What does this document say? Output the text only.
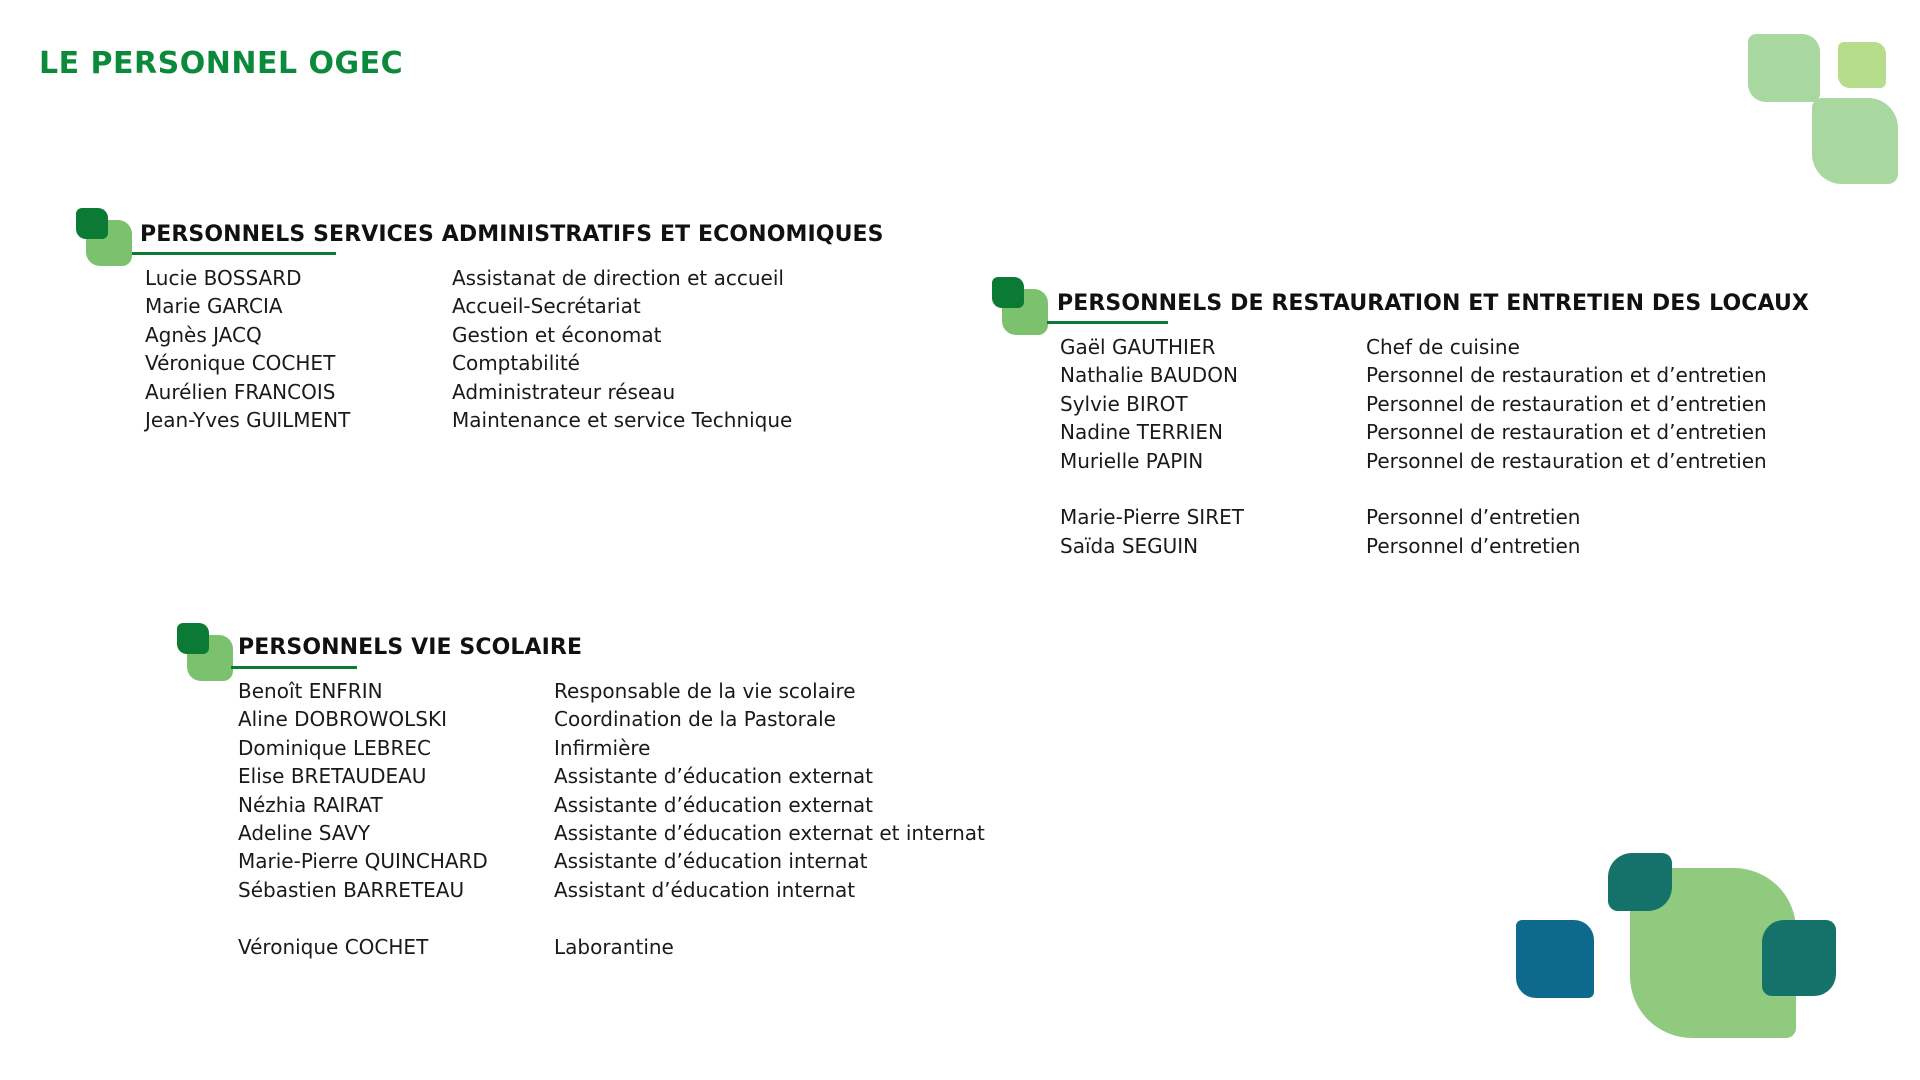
LE PERSONNEL OGEC
PERSONNELS SERVICES ADMINISTRATIFS ET ECONOMIQUES
Lucie BOSSARD	Assistanat de direction et accueil
Marie GARCIA	Accueil-Secrétariat
Agnès JACQ	Gestion et économat
Véronique COCHET	Comptabilité
Aurélien FRANCOIS	Administrateur réseau
Jean-Yves GUILMENT	Maintenance et service Technique
PERSONNELS DE RESTAURATION ET ENTRETIEN DES LOCAUX
Gaël GAUTHIER	Chef de cuisine
Nathalie BAUDON	Personnel de restauration et d’entretien
Sylvie BIROT	Personnel de restauration et d’entretien
Nadine TERRIEN	Personnel de restauration et d’entretien
Murielle PAPIN	Personnel de restauration et d’entretien
Marie-Pierre SIRET	Personnel d’entretien
Saïda SEGUIN	Personnel d’entretien
PERSONNELS VIE SCOLAIRE
Benoît ENFRIN	Responsable de la vie scolaire
Aline DOBROWOLSKI	Coordination de la Pastorale
Dominique LEBREC	Infirmière
Elise BRETAUDEAU	Assistante d’éducation externat
Nézhia RAIRAT	Assistante d’éducation externat
Adeline SAVY	Assistante d’éducation externat et internat
Marie-Pierre QUINCHARD	Assistante d’éducation internat
Sébastien BARRETEAU	Assistant d’éducation internat
Véronique COCHET	Laborantine
